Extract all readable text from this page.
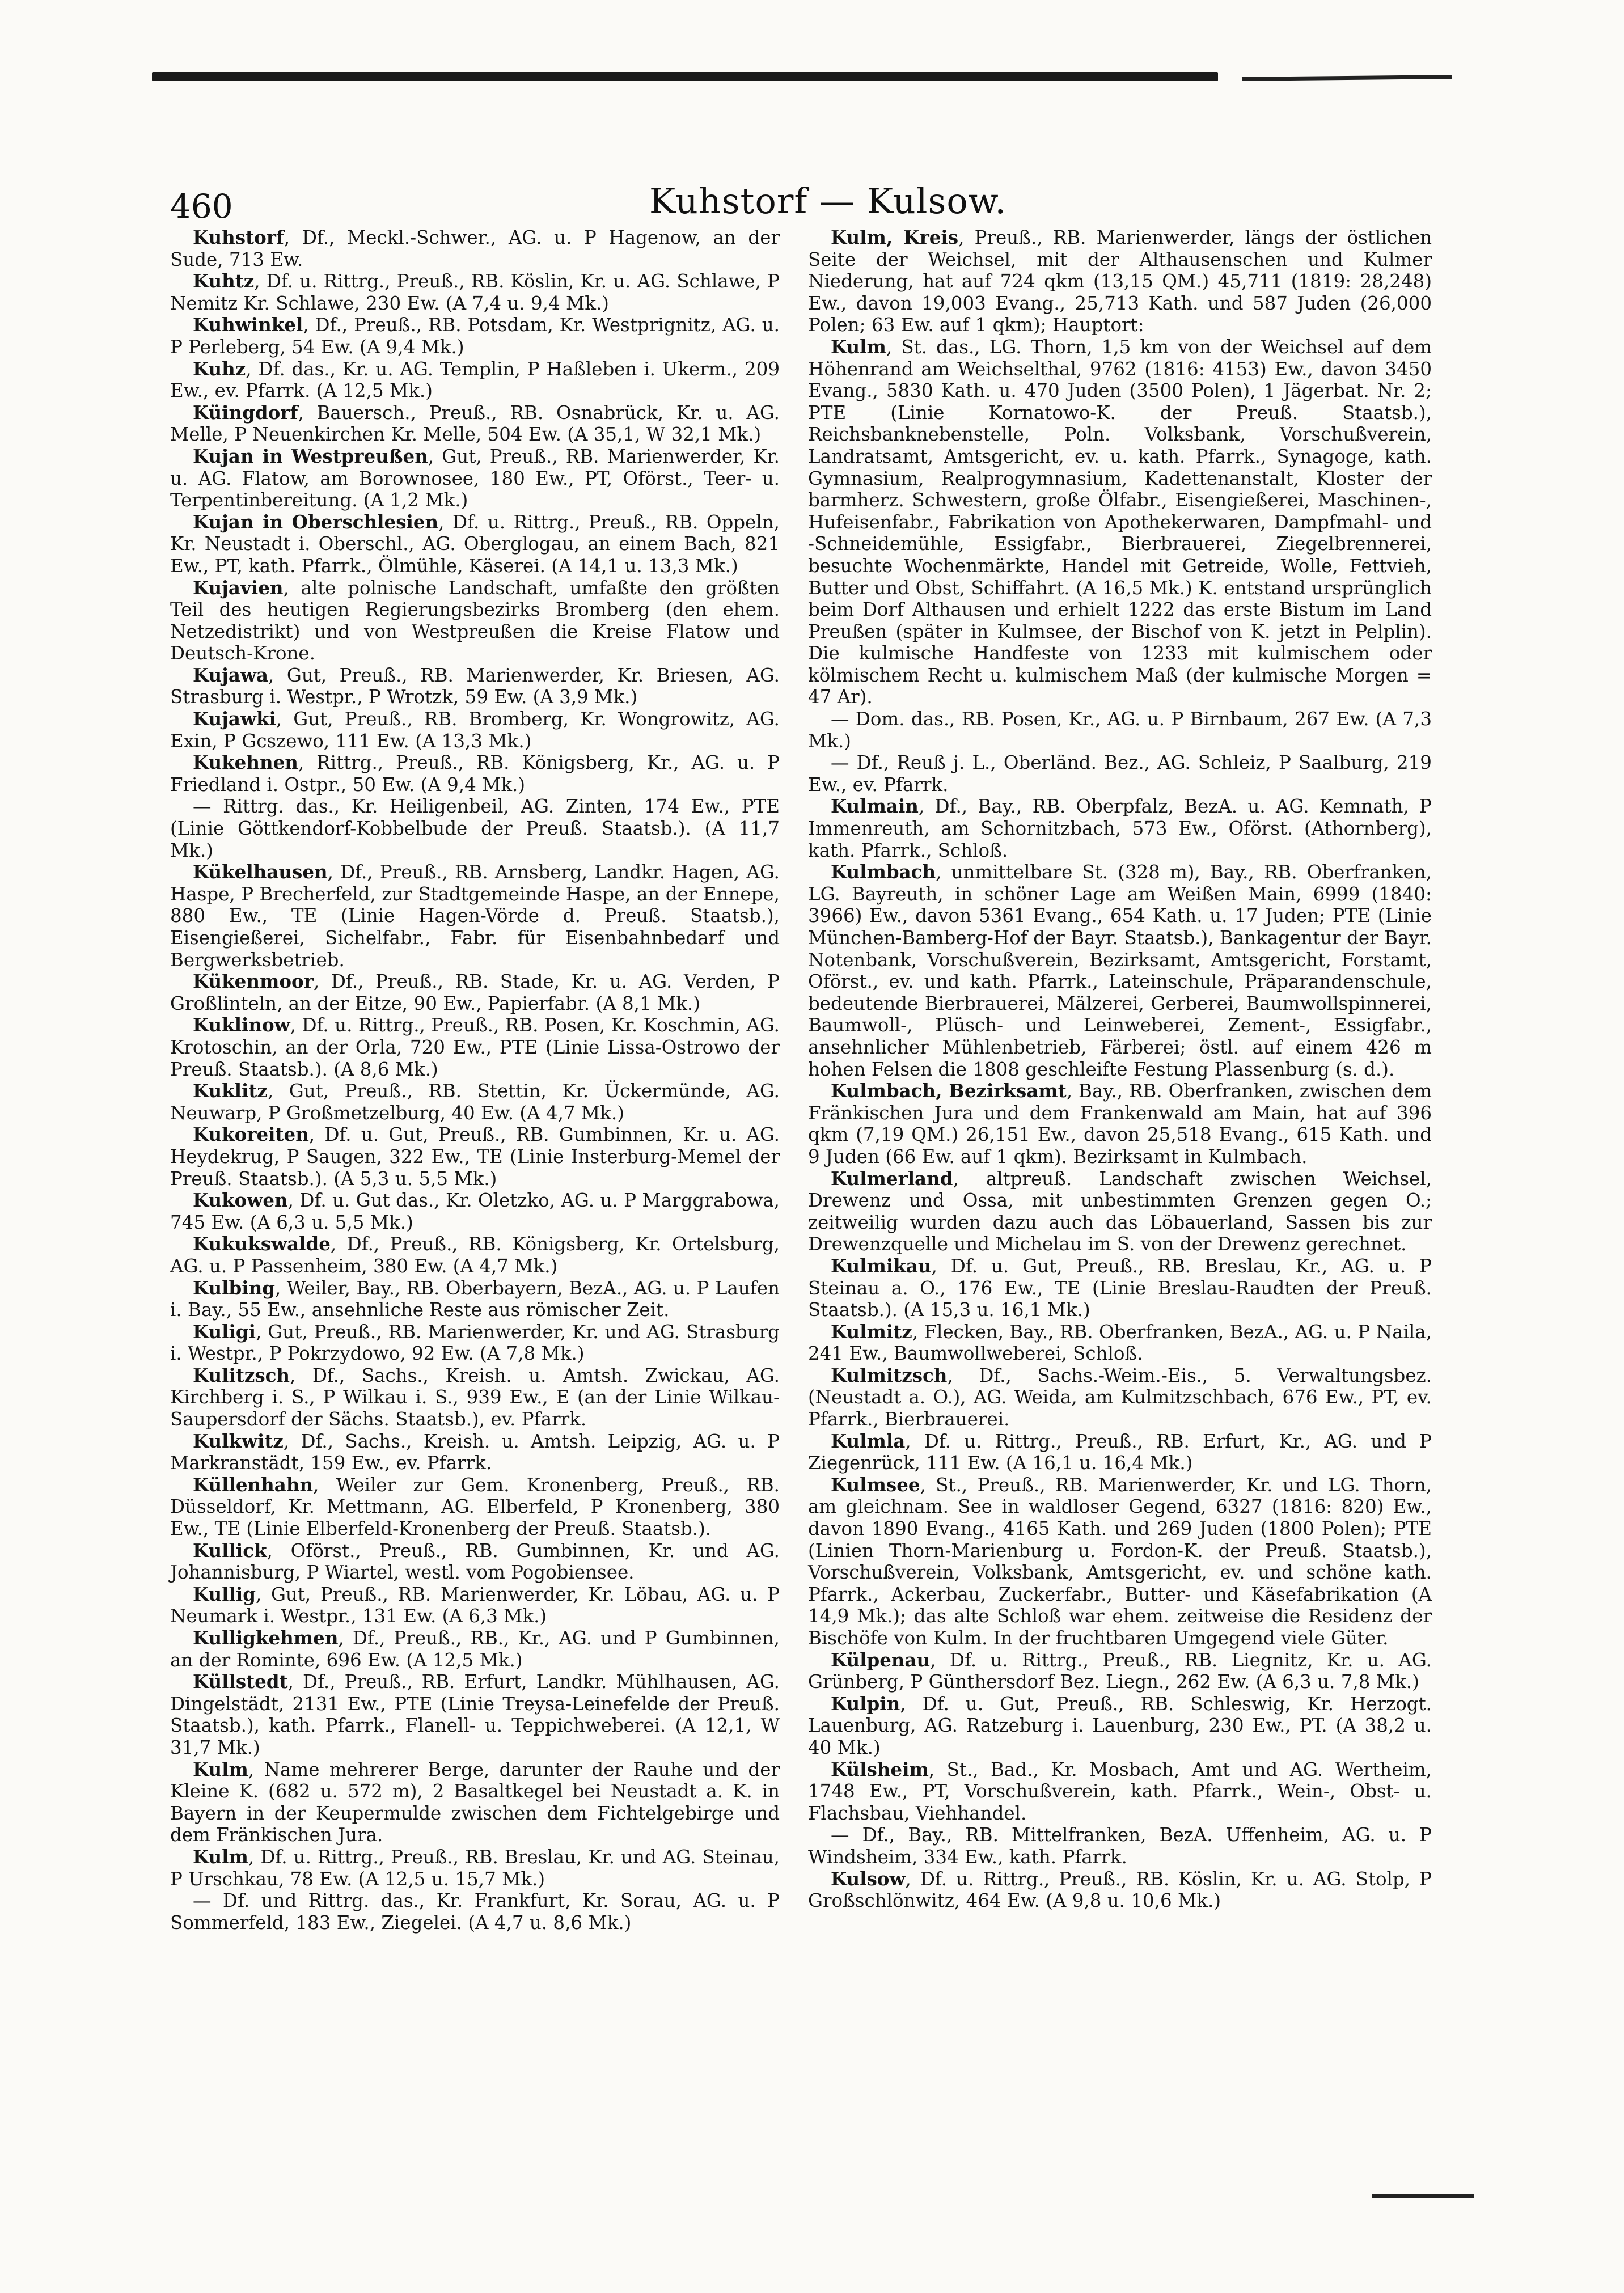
460	Kuhstorf — Kulsow.

Kuhstorf, Df., Meckl.-Schwer., AG. u. P Hagenow, an der Sude, 713 Ew.

Kuhtz, Df. u. Rittrg., Preuß., RB. Köslin, Kr. u. AG. Schlawe, P Nemitz Kr. Schlawe, 230 Ew. (A 7,4 u. 9,4 Mk.)

Kuhwinkel, Df., Preuß., RB. Potsdam, Kr. Westprignitz, AG. u. P Perleberg, 54 Ew. (A 9,4 Mk.)

Kuhz, Df. das., Kr. u. AG. Templin, P Haßleben i. Ukerm., 209 Ew., ev. Pfarrk. (A 12,5 Mk.)

Küingdorf, Bauersch., Preuß., RB. Osnabrück, Kr. u. AG. Melle, P Neuenkirchen Kr. Melle, 504 Ew. (A 35,1, W 32,1 Mk.)

Kujan in Westpreußen, Gut, Preuß., RB. Marienwerder, Kr. u. AG. Flatow, am Borownosee, 180 Ew., PT, Oförst., Teer- u. Terpentinbereitung. (A 1,2 Mk.)

Kujan in Oberschlesien, Df. u. Rittrg., Preuß., RB. Oppeln, Kr. Neustadt i. Oberschl., AG. Oberglogau, an einem Bach, 821 Ew., PT, kath. Pfarrk., Ölmühle, Käserei. (A 14,1 u. 13,3 Mk.)

Kujavien, alte polnische Landschaft, umfaßte den größten Teil des heutigen Regierungsbezirks Bromberg (den ehem. Netzedistrikt) und von Westpreußen die Kreise Flatow und Deutsch-Krone.

Kujawa, Gut, Preuß., RB. Marienwerder, Kr. Briesen, AG. Strasburg i. Westpr., P Wrotzk, 59 Ew. (A 3,9 Mk.)

Kujawki, Gut, Preuß., RB. Bromberg, Kr. Wongrowitz, AG. Exin, P Gcszewo, 111 Ew. (A 13,3 Mk.)

Kukehnen, Rittrg., Preuß., RB. Königsberg, Kr., AG. u. P Friedland i. Ostpr., 50 Ew. (A 9,4 Mk.)

— Rittrg. das., Kr. Heiligenbeil, AG. Zinten, 174 Ew., PTE (Linie Göttkendorf-Kobbelbude der Preuß. Staatsb.). (A 11,7 Mk.)

Kükelhausen, Df., Preuß., RB. Arnsberg, Landkr. Hagen, AG. Haspe, P Brecherfeld, zur Stadtgemeinde Haspe, an der Ennepe, 880 Ew., TE (Linie Hagen-Vörde d. Preuß. Staatsb.), Eisengießerei, Sichelfabr., Fabr. für Eisenbahnbedarf und Bergwerksbetrieb.

Kükenmoor, Df., Preuß., RB. Stade, Kr. u. AG. Verden, P Großlinteln, an der Eitze, 90 Ew., Papierfabr. (A 8,1 Mk.)

Kuklinow, Df. u. Rittrg., Preuß., RB. Posen, Kr. Koschmin, AG. Krotoschin, an der Orla, 720 Ew., PTE (Linie Lissa-Ostrowo der Preuß. Staatsb.). (A 8,6 Mk.)

Kuklitz, Gut, Preuß., RB. Stettin, Kr. Ückermünde, AG. Neuwarp, P Großmetzelburg, 40 Ew. (A 4,7 Mk.)

Kukoreiten, Df. u. Gut, Preuß., RB. Gumbinnen, Kr. u. AG. Heydekrug, P Saugen, 322 Ew., TE (Linie Insterburg-Memel der Preuß. Staatsb.). (A 5,3 u. 5,5 Mk.)

Kukowen, Df. u. Gut das., Kr. Oletzko, AG. u. P Marggrabowa, 745 Ew. (A 6,3 u. 5,5 Mk.)

Kukukswalde, Df., Preuß., RB. Königsberg, Kr. Ortelsburg, AG. u. P Passenheim, 380 Ew. (A 4,7 Mk.)

Kulbing, Weiler, Bay., RB. Oberbayern, BezA., AG. u. P Laufen i. Bay., 55 Ew., ansehnliche Reste aus römischer Zeit.

Kuligi, Gut, Preuß., RB. Marienwerder, Kr. und AG. Strasburg i. Westpr., P Pokrzydowo, 92 Ew. (A 7,8 Mk.)

Kulitzsch, Df., Sachs., Kreish. u. Amtsh. Zwickau, AG. Kirchberg i. S., P Wilkau i. S., 939 Ew., E (an der Linie Wilkau-Saupersdorf der Sächs. Staatsb.), ev. Pfarrk.

Kulkwitz, Df., Sachs., Kreish. u. Amtsh. Leipzig, AG. u. P Markranstädt, 159 Ew., ev. Pfarrk.

Küllenhahn, Weiler zur Gem. Kronenberg, Preuß., RB. Düsseldorf, Kr. Mettmann, AG. Elberfeld, P Kronenberg, 380 Ew., TE (Linie Elberfeld-Kronenberg der Preuß. Staatsb.).

Kullick, Oförst., Preuß., RB. Gumbinnen, Kr. und AG. Johannisburg, P Wiartel, westl. vom Pogobiensee.

Kullig, Gut, Preuß., RB. Marienwerder, Kr. Löbau, AG. u. P Neumark i. Westpr., 131 Ew. (A 6,3 Mk.)

Kulligkehmen, Df., Preuß., RB., Kr., AG. und P Gumbinnen, an der Rominte, 696 Ew. (A 12,5 Mk.)

Küllstedt, Df., Preuß., RB. Erfurt, Landkr. Mühlhausen, AG. Dingelstädt, 2131 Ew., PTE (Linie Treysa-Leinefelde der Preuß. Staatsb.), kath. Pfarrk., Flanell- u. Teppichweberei. (A 12,1, W 31,7 Mk.)

Kulm, Name mehrerer Berge, darunter der Rauhe und der Kleine K. (682 u. 572 m), 2 Basaltkegel bei Neustadt a. K. in Bayern in der Keupermulde zwischen dem Fichtelgebirge und dem Fränkischen Jura.

Kulm, Df. u. Rittrg., Preuß., RB. Breslau, Kr. und AG. Steinau, P Urschkau, 78 Ew. (A 12,5 u. 15,7 Mk.)

— Df. und Rittrg. das., Kr. Frankfurt, Kr. Sorau, AG. u. P Sommerfeld, 183 Ew., Ziegelei. (A 4,7 u. 8,6 Mk.)

Kulm, Kreis, Preuß., RB. Marienwerder, längs der östlichen Seite der Weichsel, mit der Althausenschen und Kulmer Niederung, hat auf 724 qkm (13,15 QM.) 45,711 (1819: 28,248) Ew., davon 19,003 Evang., 25,713 Kath. und 587 Juden (26,000 Polen; 63 Ew. auf 1 qkm); Hauptort:

Kulm, St. das., LG. Thorn, 1,5 km von der Weichsel auf dem Höhenrand am Weichselthal, 9762 (1816: 4153) Ew., davon 3450 Evang., 5830 Kath. u. 470 Juden (3500 Polen), 1 Jägerbat. Nr. 2; PTE (Linie Kornatowo-K. der Preuß. Staatsb.), Reichsbanknebenstelle, Poln. Volksbank, Vorschußverein, Landratsamt, Amtsgericht, ev. u. kath. Pfarrk., Synagoge, kath. Gymnasium, Realprogymnasium, Kadettenanstalt, Kloster der barmherz. Schwestern, große Ölfabr., Eisengießerei, Maschinen-, Hufeisenfabr., Fabrikation von Apothekerwaren, Dampfmahl- und -Schneidemühle, Essigfabr., Bierbrauerei, Ziegelbrennerei, besuchte Wochenmärkte, Handel mit Getreide, Wolle, Fettvieh, Butter und Obst, Schiffahrt. (A 16,5 Mk.) K. entstand ursprünglich beim Dorf Althausen und erhielt 1222 das erste Bistum im Land Preußen (später in Kulmsee, der Bischof von K. jetzt in Pelplin). Die kulmische Handfeste von 1233 mit kulmischem oder kölmischem Recht u. kulmischem Maß (der kulmische Morgen = 47 Ar).

— Dom. das., RB. Posen, Kr., AG. u. P Birnbaum, 267 Ew. (A 7,3 Mk.)

— Df., Reuß j. L., Oberländ. Bez., AG. Schleiz, P Saalburg, 219 Ew., ev. Pfarrk.

Kulmain, Df., Bay., RB. Oberpfalz, BezA. u. AG. Kemnath, P Immenreuth, am Schornitzbach, 573 Ew., Oförst. (Athornberg), kath. Pfarrk., Schloß.

Kulmbach, unmittelbare St. (328 m), Bay., RB. Oberfranken, LG. Bayreuth, in schöner Lage am Weißen Main, 6999 (1840: 3966) Ew., davon 5361 Evang., 654 Kath. u. 17 Juden; PTE (Linie München-Bamberg-Hof der Bayr. Staatsb.), Bankagentur der Bayr. Notenbank, Vorschußverein, Bezirksamt, Amtsgericht, Forstamt, Oförst., ev. und kath. Pfarrk., Lateinschule, Präparandenschule, bedeutende Bierbrauerei, Mälzerei, Gerberei, Baumwollspinnerei, Baumwoll-, Plüsch- und Leinweberei, Zement-, Essigfabr., ansehnlicher Mühlenbetrieb, Färberei; östl. auf einem 426 m hohen Felsen die 1808 geschleifte Festung Plassenburg (s. d.).

Kulmbach, Bezirksamt, Bay., RB. Oberfranken, zwischen dem Fränkischen Jura und dem Frankenwald am Main, hat auf 396 qkm (7,19 QM.) 26,151 Ew., davon 25,518 Evang., 615 Kath. und 9 Juden (66 Ew. auf 1 qkm). Bezirksamt in Kulmbach.

Kulmerland, altpreuß. Landschaft zwischen Weichsel, Drewenz und Ossa, mit unbestimmten Grenzen gegen O.; zeitweilig wurden dazu auch das Löbauerland, Sassen bis zur Drewenzquelle und Michelau im S. von der Drewenz gerechnet.

Kulmikau, Df. u. Gut, Preuß., RB. Breslau, Kr., AG. u. P Steinau a. O., 176 Ew., TE (Linie Breslau-Raudten der Preuß. Staatsb.). (A 15,3 u. 16,1 Mk.)

Kulmitz, Flecken, Bay., RB. Oberfranken, BezA., AG. u. P Naila, 241 Ew., Baumwollweberei, Schloß.

Kulmitzsch, Df., Sachs.-Weim.-Eis., 5. Verwaltungsbez. (Neustadt a. O.), AG. Weida, am Kulmitzschbach, 676 Ew., PT, ev. Pfarrk., Bierbrauerei.

Kulmla, Df. u. Rittrg., Preuß., RB. Erfurt, Kr., AG. und P Ziegenrück, 111 Ew. (A 16,1 u. 16,4 Mk.)

Kulmsee, St., Preuß., RB. Marienwerder, Kr. und LG. Thorn, am gleichnam. See in waldloser Gegend, 6327 (1816: 820) Ew., davon 1890 Evang., 4165 Kath. und 269 Juden (1800 Polen); PTE (Linien Thorn-Marienburg u. Fordon-K. der Preuß. Staatsb.), Vorschußverein, Volksbank, Amtsgericht, ev. und schöne kath. Pfarrk., Ackerbau, Zuckerfabr., Butter- und Käsefabrikation (A 14,9 Mk.); das alte Schloß war ehem. zeitweise die Residenz der Bischöfe von Kulm. In der fruchtbaren Umgegend viele Güter.

Külpenau, Df. u. Rittrg., Preuß., RB. Liegnitz, Kr. u. AG. Grünberg, P Günthersdorf Bez. Liegn., 262 Ew. (A 6,3 u. 7,8 Mk.)

Kulpin, Df. u. Gut, Preuß., RB. Schleswig, Kr. Herzogt. Lauenburg, AG. Ratzeburg i. Lauenburg, 230 Ew., PT. (A 38,2 u. 40 Mk.)

Külsheim, St., Bad., Kr. Mosbach, Amt und AG. Wertheim, 1748 Ew., PT, Vorschußverein, kath. Pfarrk., Wein-, Obst- u. Flachsbau, Viehhandel.

— Df., Bay., RB. Mittelfranken, BezA. Uffenheim, AG. u. P Windsheim, 334 Ew., kath. Pfarrk.

Kulsow, Df. u. Rittrg., Preuß., RB. Köslin, Kr. u. AG. Stolp, P Großschlönwitz, 464 Ew. (A 9,8 u. 10,6 Mk.)
